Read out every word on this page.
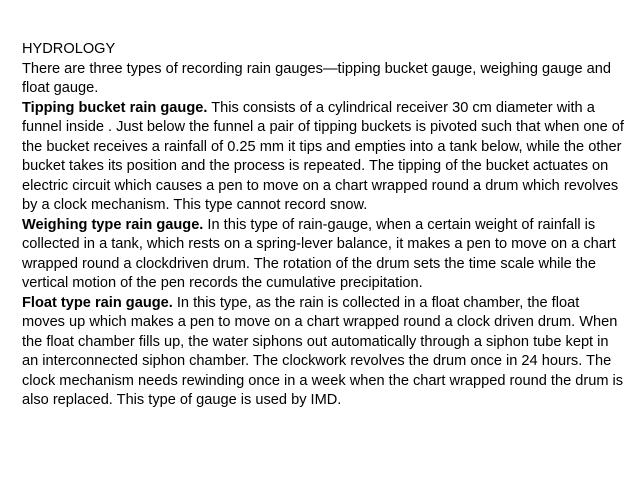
HYDROLOGY

There are three types of recording rain gauges—tipping bucket gauge, weighing gauge and float gauge.

Tipping bucket rain gauge. This consists of a cylindrical receiver 30 cm diameter with a funnel inside . Just below the funnel a pair of tipping buckets is pivoted such that when one of the bucket receives a rainfall of 0.25 mm it tips and empties into a tank below, while the other bucket takes its position and the process is repeated. The tipping of the bucket actuates on electric circuit which causes a pen to move on a chart wrapped round a drum which revolves by a clock mechanism. This type cannot record snow.

Weighing type rain gauge. In this type of rain-gauge, when a certain weight of rainfall is collected in a tank, which rests on a spring-lever balance, it makes a pen to move on a chart wrapped round a clockdriven drum. The rotation of the drum sets the time scale while the vertical motion of the pen records the cumulative precipitation.

Float type rain gauge. In this type, as the rain is collected in a float chamber, the float moves up which makes a pen to move on a chart wrapped round a clock driven drum. When the float chamber fills up, the water siphons out automatically through a siphon tube kept in an interconnected siphon chamber. The clockwork revolves the drum once in 24 hours. The clock mechanism needs rewinding once in a week when the chart wrapped round the drum is also replaced. This type of gauge is used by IMD.
